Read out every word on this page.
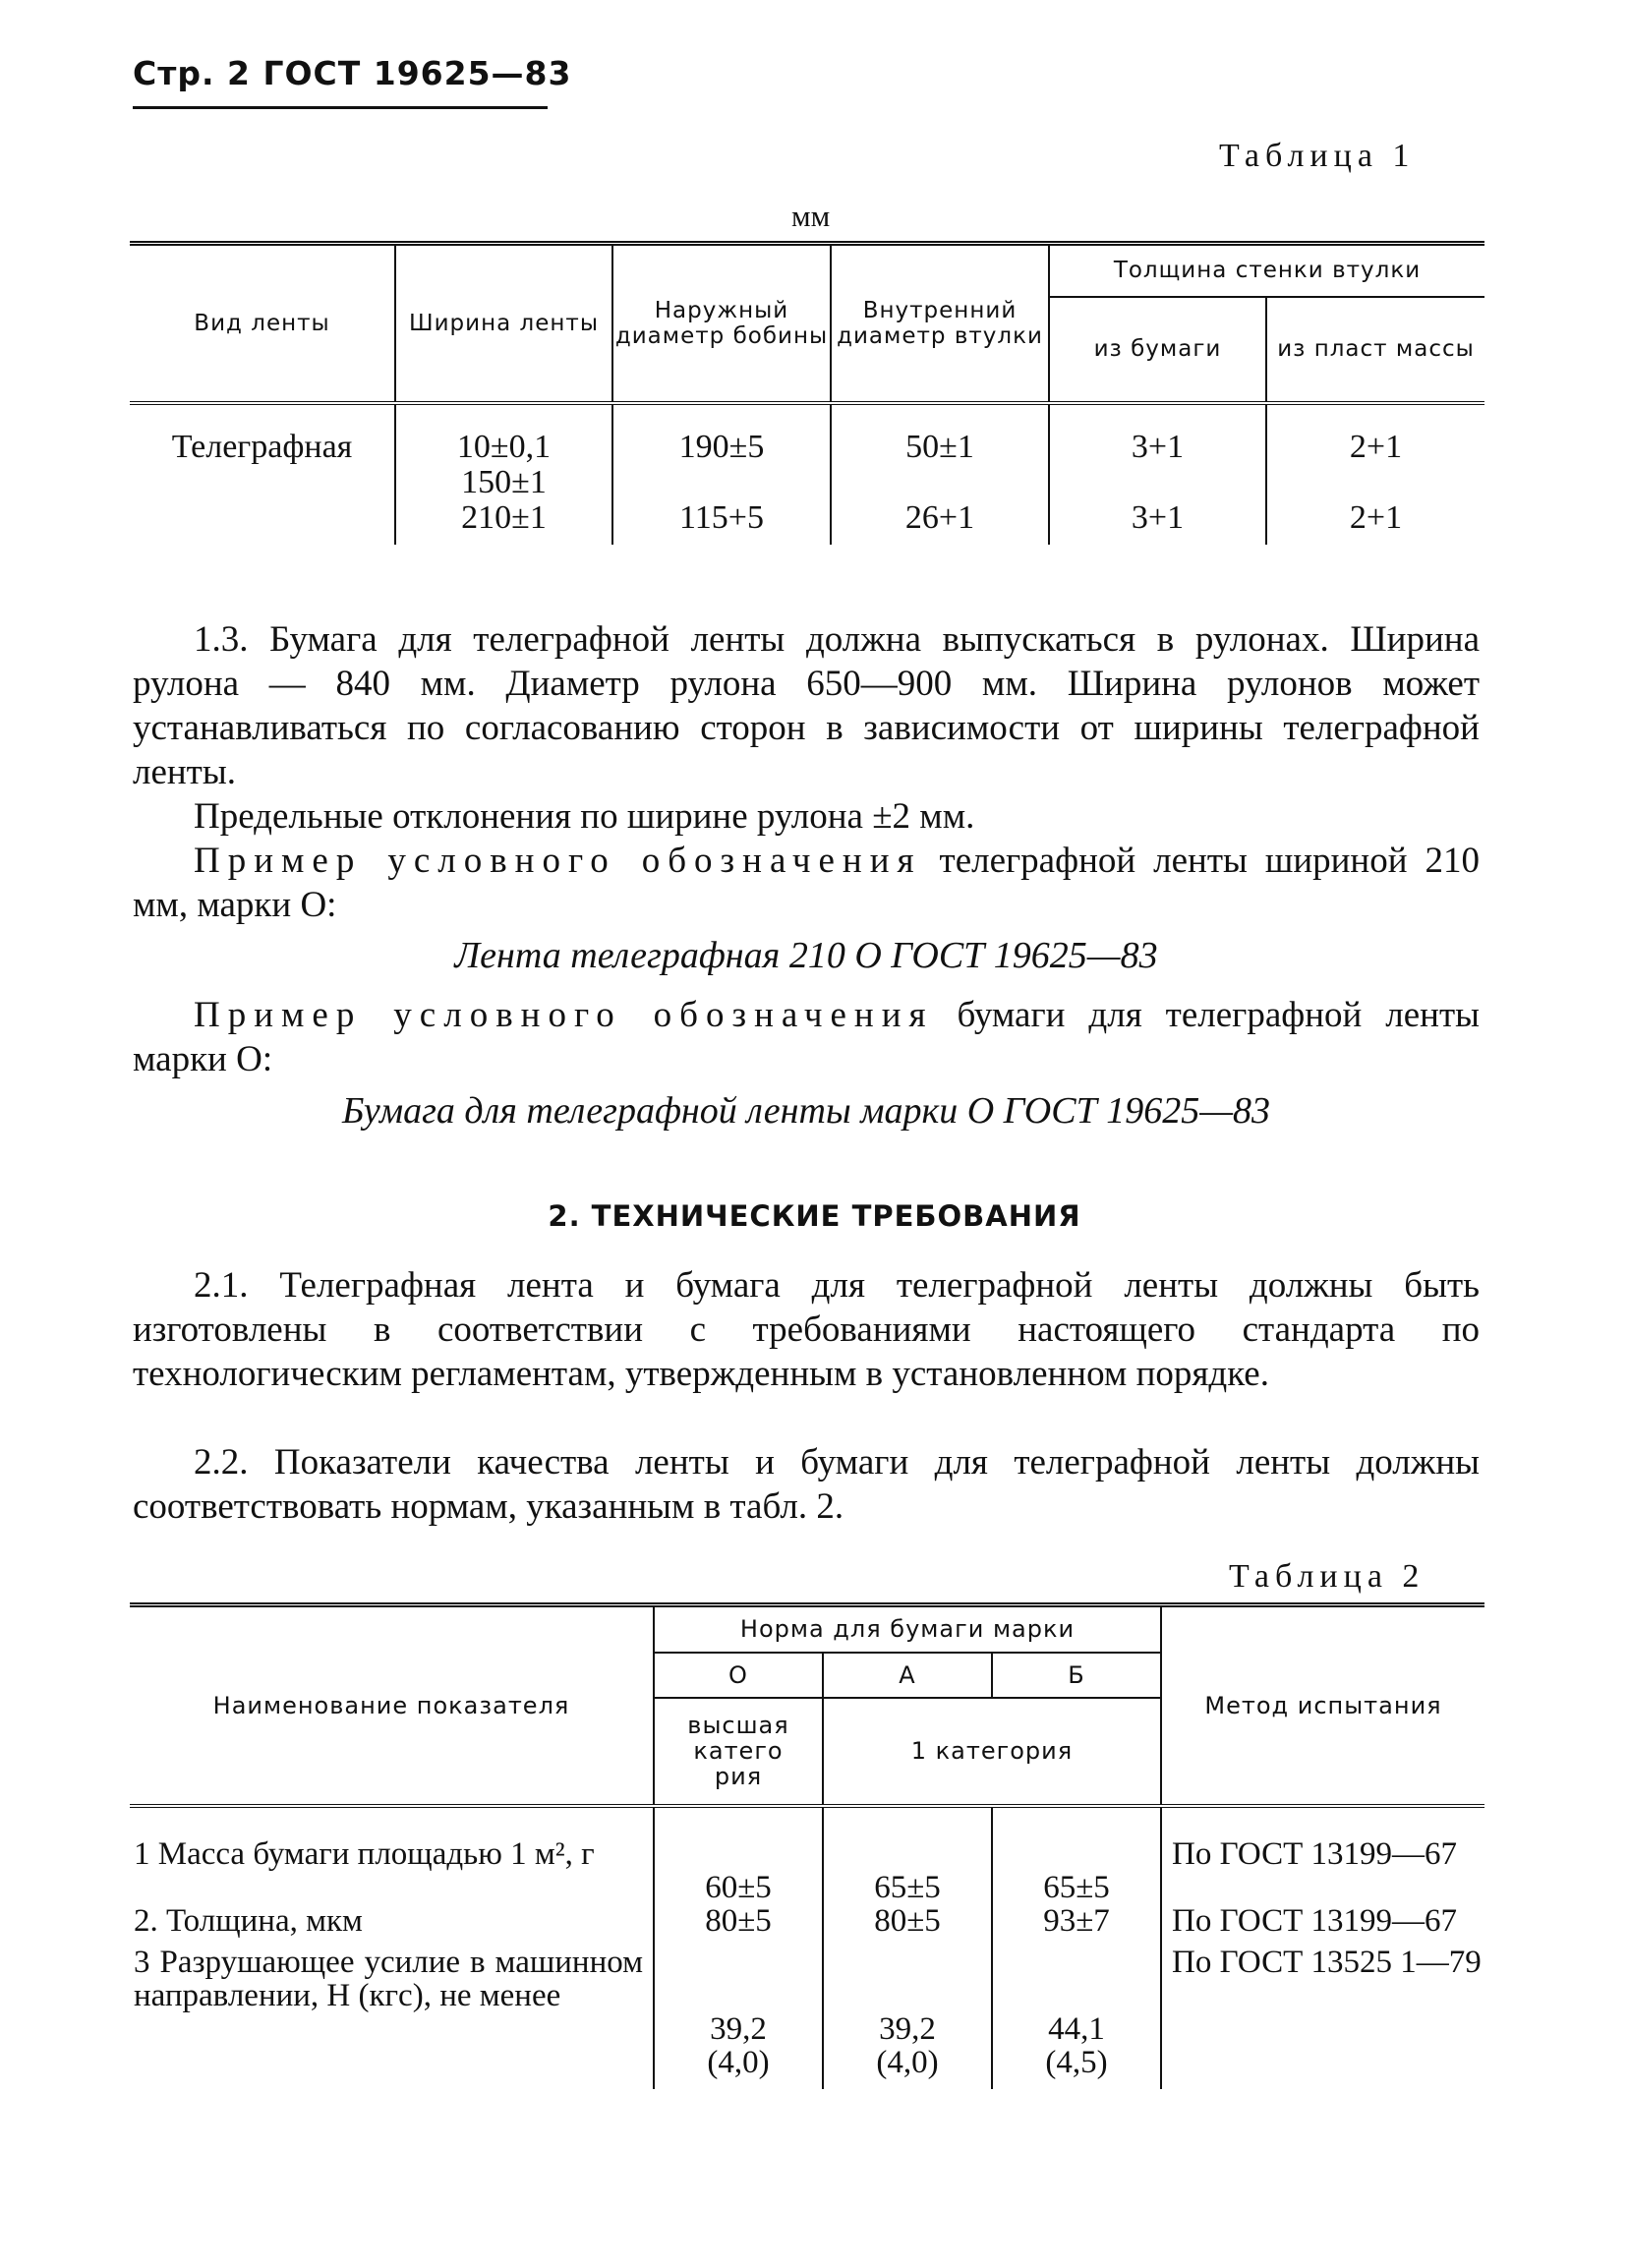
Стр. 2 ГОСТ 19625—83
Таблица 1
мм
Вид ленты	Ширина ленты	Наружный диаметр бобины	Внутренний диаметр втулки	Толщина стенки втулки	
				из бумаги	из пласт массы
Телеграфная	10±0,1	190±5	50±1	3+1	2+1
	150±1				
	210±1	115+5	26+1	3+1	2+1
1.3. Бумага для телеграфной ленты должна выпускаться в рулонах. Ширина рулона — 840 мм. Диаметр рулона 650—900 мм. Ширина рулонов может устанавливаться по согласованию сторон в зависимости от ширины телеграфной ленты.
Предельные отклонения по ширине рулона ±2 мм.
Пример условного обозначения телеграфной ленты шириной 210 мм, марки О:
Лента телеграфная 210 О ГОСТ 19625—83
Пример условного обозначения бумаги для телеграфной ленты марки О:
Бумага для телеграфной ленты марки О ГОСТ 19625—83
2. ТЕХНИЧЕСКИЕ ТРЕБОВАНИЯ
2.1. Телеграфная лента и бумага для телеграфной ленты должны быть изготовлены в соответствии с требованиями настоящего стандарта по технологическим регламентам, утвержденным в установленном порядке.
2.2. Показатели качества ленты и бумаги для телеграфной ленты должны соответствовать нормам, указанным в табл. 2.
Таблица 2
Наименование показателя	Норма для бумаги марки			Метод испытания
	О	А	Б	
	высшая катего рия	1 категория		
1 Масса бумаги площадью 1 м², г	60±5	65±5	65±5	По ГОСТ 13199—67
2. Толщина, мкм	80±5	80±5	93±7	По ГОСТ 13199—67
3 Разрушающее усилие в машинном направлении, Н (кгс), не менее	39,2 (4,0)	39,2 (4,0)	44,1 (4,5)	По ГОСТ 13525 1—79
